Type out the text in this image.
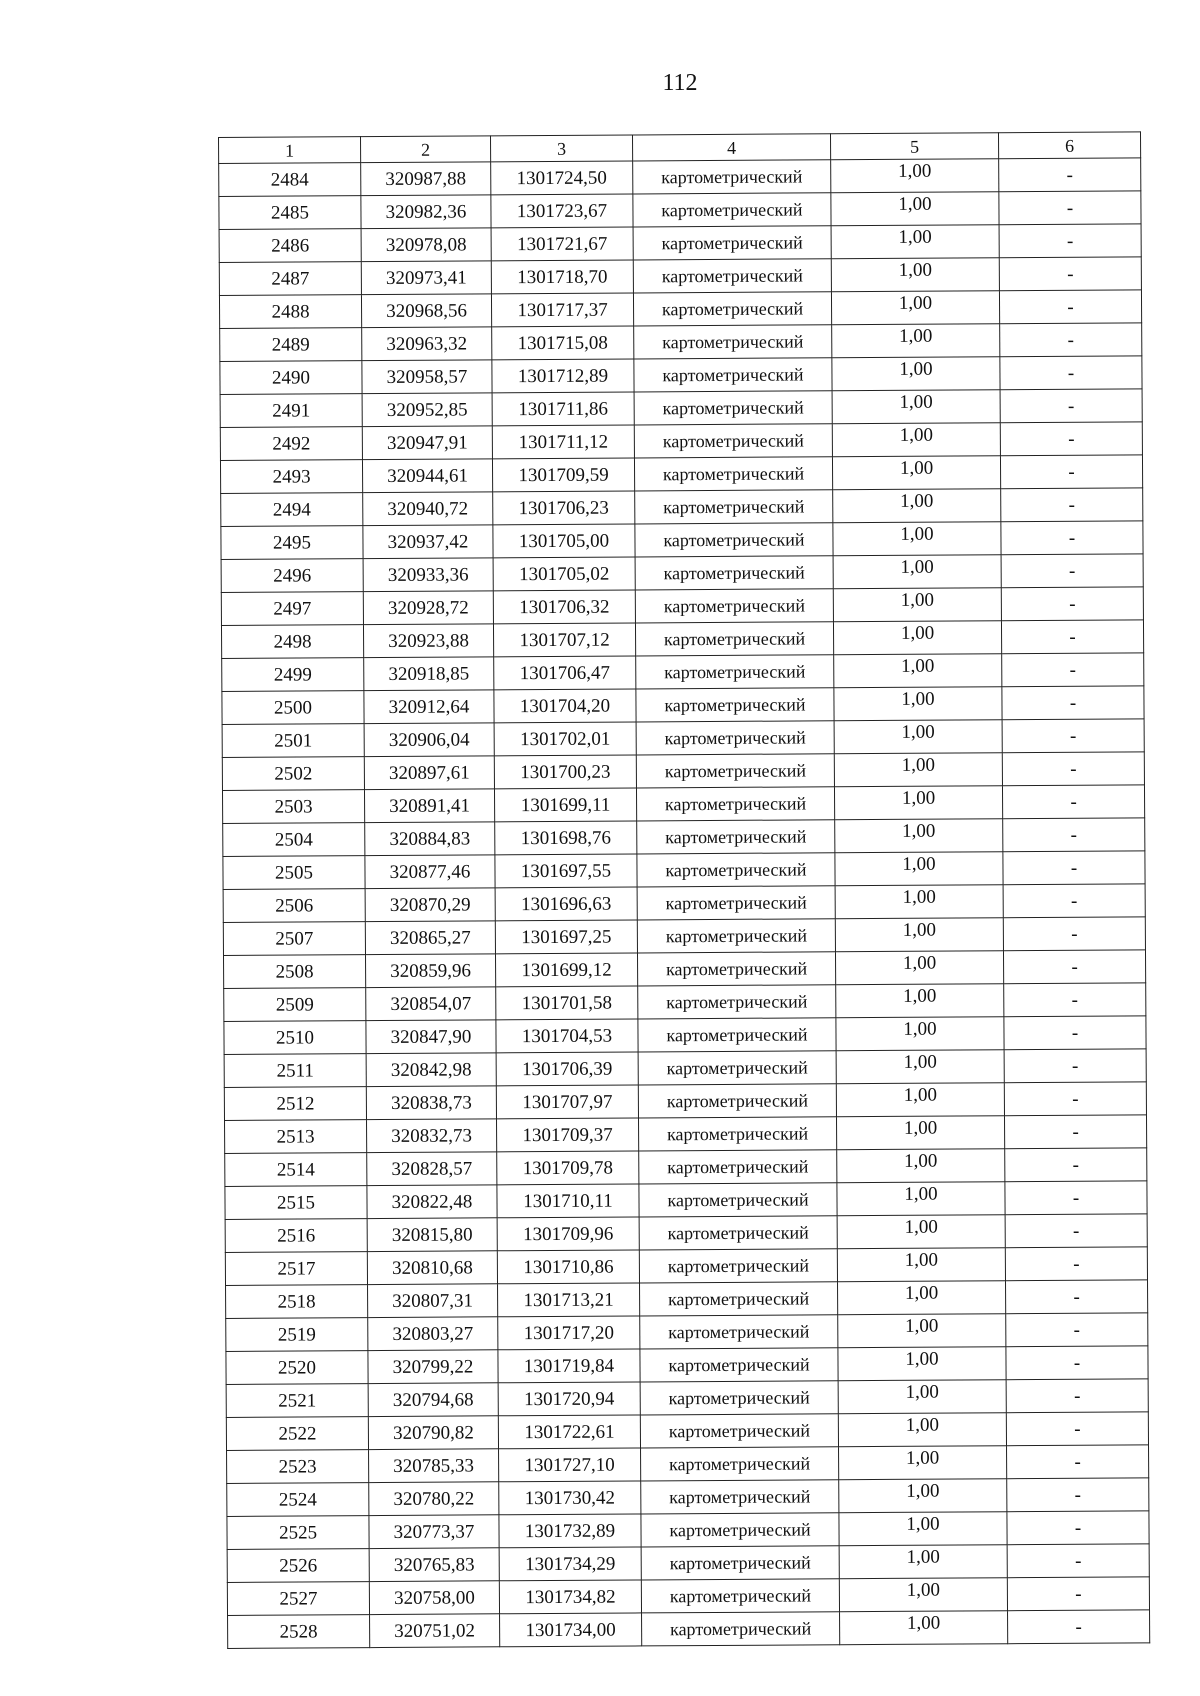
112
1	2	3	4	5	6
2484	320987,88	1301724,50	картометрический	1,00	-
2485	320982,36	1301723,67	картометрический	1,00	-
2486	320978,08	1301721,67	картометрический	1,00	-
2487	320973,41	1301718,70	картометрический	1,00	-
2488	320968,56	1301717,37	картометрический	1,00	-
2489	320963,32	1301715,08	картометрический	1,00	-
2490	320958,57	1301712,89	картометрический	1,00	-
2491	320952,85	1301711,86	картометрический	1,00	-
2492	320947,91	1301711,12	картометрический	1,00	-
2493	320944,61	1301709,59	картометрический	1,00	-
2494	320940,72	1301706,23	картометрический	1,00	-
2495	320937,42	1301705,00	картометрический	1,00	-
2496	320933,36	1301705,02	картометрический	1,00	-
2497	320928,72	1301706,32	картометрический	1,00	-
2498	320923,88	1301707,12	картометрический	1,00	-
2499	320918,85	1301706,47	картометрический	1,00	-
2500	320912,64	1301704,20	картометрический	1,00	-
2501	320906,04	1301702,01	картометрический	1,00	-
2502	320897,61	1301700,23	картометрический	1,00	-
2503	320891,41	1301699,11	картометрический	1,00	-
2504	320884,83	1301698,76	картометрический	1,00	-
2505	320877,46	1301697,55	картометрический	1,00	-
2506	320870,29	1301696,63	картометрический	1,00	-
2507	320865,27	1301697,25	картометрический	1,00	-
2508	320859,96	1301699,12	картометрический	1,00	-
2509	320854,07	1301701,58	картометрический	1,00	-
2510	320847,90	1301704,53	картометрический	1,00	-
2511	320842,98	1301706,39	картометрический	1,00	-
2512	320838,73	1301707,97	картометрический	1,00	-
2513	320832,73	1301709,37	картометрический	1,00	-
2514	320828,57	1301709,78	картометрический	1,00	-
2515	320822,48	1301710,11	картометрический	1,00	-
2516	320815,80	1301709,96	картометрический	1,00	-
2517	320810,68	1301710,86	картометрический	1,00	-
2518	320807,31	1301713,21	картометрический	1,00	-
2519	320803,27	1301717,20	картометрический	1,00	-
2520	320799,22	1301719,84	картометрический	1,00	-
2521	320794,68	1301720,94	картометрический	1,00	-
2522	320790,82	1301722,61	картометрический	1,00	-
2523	320785,33	1301727,10	картометрический	1,00	-
2524	320780,22	1301730,42	картометрический	1,00	-
2525	320773,37	1301732,89	картометрический	1,00	-
2526	320765,83	1301734,29	картометрический	1,00	-
2527	320758,00	1301734,82	картометрический	1,00	-
2528	320751,02	1301734,00	картометрический	1,00	-
